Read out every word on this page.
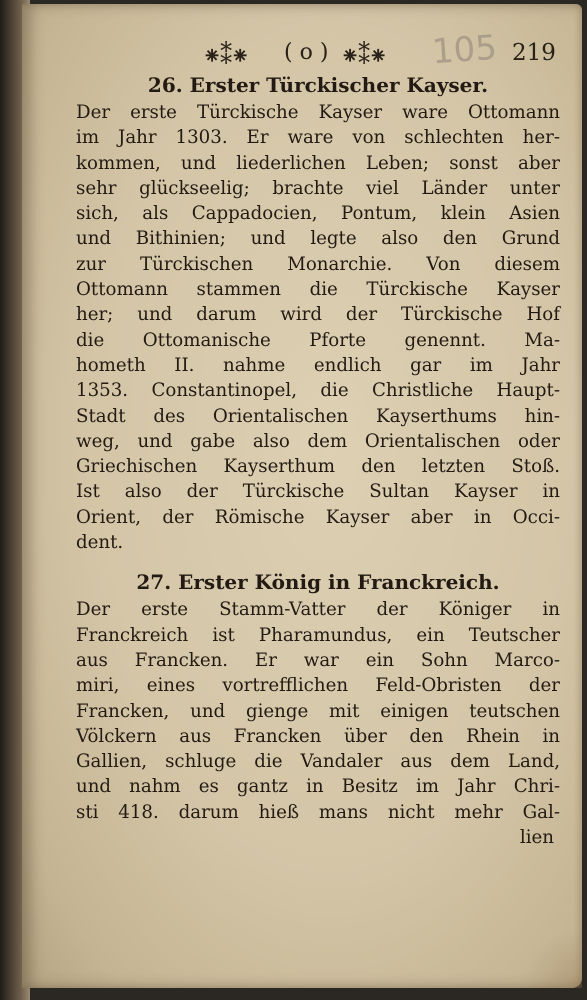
⁕⁑⁕ ( o ) ⁕⁑⁕ 105 219
26. Erster Türckischer Kayser.
Der erste Türckische Kayser ware Ottomann
im Jahr 1303. Er ware von schlechten her-
kommen, und liederlichen Leben; sonst aber
sehr glückseelig; brachte viel Länder unter
sich, als Cappadocien, Pontum, klein Asien
und Bithinien; und legte also den Grund
zur Türckischen Monarchie. Von diesem
Ottomann stammen die Türckische Kayser
her; und darum wird der Türckische Hof
die Ottomanische Pforte genennt. Ma-
hometh II. nahme endlich gar im Jahr
1353. Constantinopel, die Christliche Haupt-
Stadt des Orientalischen Kayserthums hin-
weg, und gabe also dem Orientalischen oder
Griechischen Kayserthum den letzten Stoß.
Ist also der Türckische Sultan Kayser in
Orient, der Römische Kayser aber in Occi-
dent.
27. Erster König in Franckreich.
Der erste Stamm-Vatter der Königer in
Franckreich ist Pharamundus, ein Teutscher
aus Francken. Er war ein Sohn Marco-
miri, eines vortrefflichen Feld-Obristen der
Francken, und gienge mit einigen teutschen
Völckern aus Francken über den Rhein in
Gallien, schluge die Vandaler aus dem Land,
und nahm es gantz in Besitz im Jahr Chri-
sti 418. darum hieß mans nicht mehr Gal-
lien
